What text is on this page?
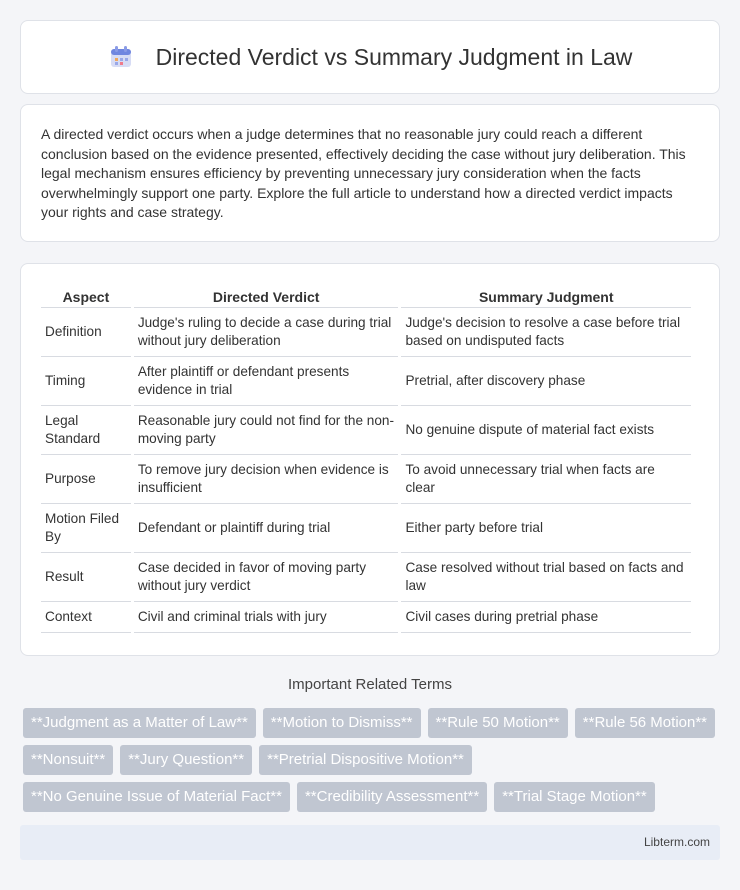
Directed Verdict vs Summary Judgment in Law

A directed verdict occurs when a judge determines that no reasonable jury could reach a different conclusion based on the evidence presented, effectively deciding the case without jury deliberation. This legal mechanism ensures efficiency by preventing unnecessary jury consideration when the facts overwhelmingly support one party. Explore the full article to understand how a directed verdict impacts your rights and case strategy.

Aspect	Directed Verdict	Summary Judgment
Definition	Judge's ruling to decide a case during trial without jury deliberation	Judge's decision to resolve a case before trial based on undisputed facts
Timing	After plaintiff or defendant presents evidence in trial	Pretrial, after discovery phase
Legal Standard	Reasonable jury could not find for the non-moving party	No genuine dispute of material fact exists
Purpose	To remove jury decision when evidence is insufficient	To avoid unnecessary trial when facts are clear
Motion Filed By	Defendant or plaintiff during trial	Either party before trial
Result	Case decided in favor of moving party without jury verdict	Case resolved without trial based on facts and law
Context	Civil and criminal trials with jury	Civil cases during pretrial phase
Important Related Terms
**Judgment as a Matter of Law**	**Motion to Dismiss**	**Rule 50 Motion**	**Rule 56 Motion**
**Nonsuit**	**Jury Question**	**Pretrial Dispositive Motion**
**No Genuine Issue of Material Fact**	**Credibility Assessment**	**Trial Stage Motion**
Libterm.com
